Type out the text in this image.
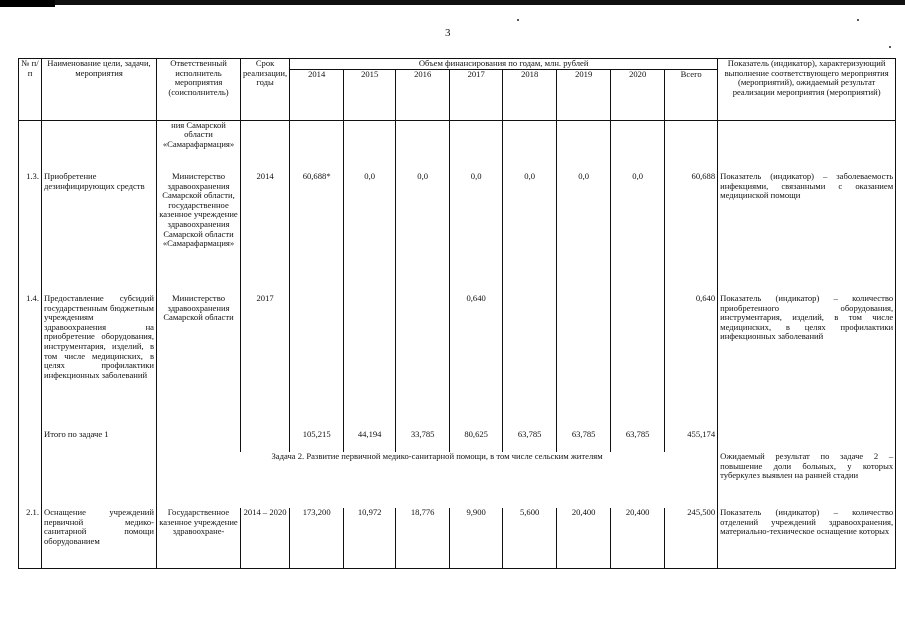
3
№ п/п	Наименование цели, задачи, мероприятия	Ответственный исполнитель мероприятия (соисполнитель)	Срок реализации, годы	Объем финансирования по годам, млн. рублей								Показатель (индикатор), характеризующий выполнение соответствующего мероприятия (мероприятий), ожидаемый результат реализации мероприятия (мероприятий)
				2014	2015	2016	2017	2018	2019	2020	Всего	
		ния Самарской области «Самарафармация»										
1.3.	Приобретение дезинфицирующих средств	Министерство здравоохранения Самарской области, государственное казенное учреждение здравоохранения Самарской области «Самарафармация»	2014	60,688*	0,0	0,0	0,0	0,0	0,0	0,0	60,688	Показатель (индикатор) – заболеваемость инфекциями, связанными с оказанием медицинской помощи
1.4.	Предоставление субсидий государственным бюджетным учреждениям здравоохранения на приобретение оборудования, инструментария, изделий, в том числе медицинских, в целях профилактики инфекционных заболеваний	Министерство здравоохранения Самарской области	2017				0,640				0,640	Показатель (индикатор) – количество приобретенного оборудования, инструментария, изделий, в том числе медицинских, в целях профилактики инфекционных заболеваний
	Итого по задаче 1			105,215	44,194	33,785	80,625	63,785	63,785	63,785	455,174	
		Задача 2. Развитие первичной медико-санитарной помощи, в том числе сельским жителям										Ожидаемый результат по задаче 2 – повышение доли больных, у которых туберкулез выявлен на ранней стадии
2.1.	Оснащение учреждений первичной медико-санитарной помощи оборудованием	Государственное казенное учреждение здравоохране-	2014 – 2020	173,200	10,972	18,776	9,900	5,600	20,400	20,400	245,500	Показатель (индикатор) – количество отделений учреждений здравоохранения, материально-техническое оснащение которых
